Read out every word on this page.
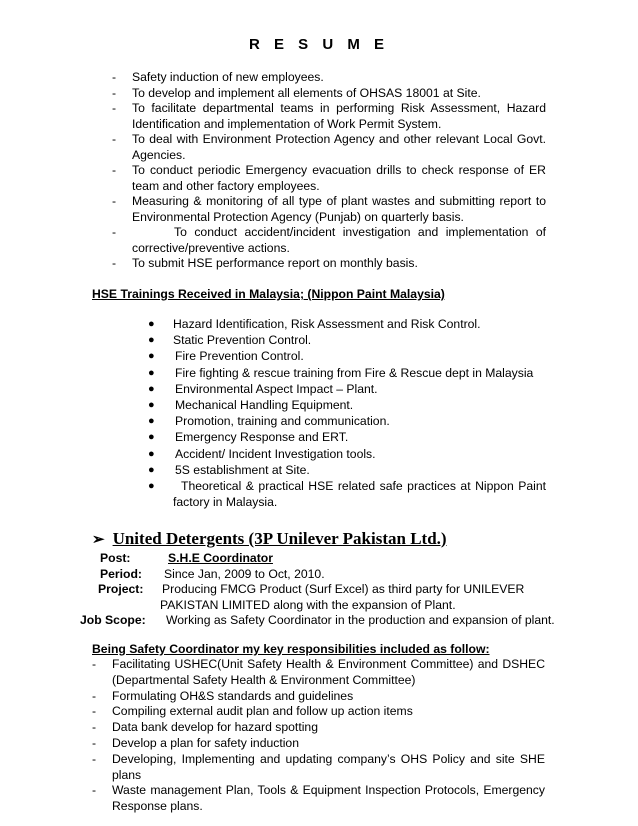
R E S U M E
- Safety induction of new employees.
- To develop and implement all elements of OHSAS 18001 at Site.
- To facilitate departmental teams in performing Risk Assessment, Hazard Identification and implementation of Work Permit System.
- To deal with Environment Protection Agency and other relevant Local Govt. Agencies.
- To conduct periodic Emergency evacuation drills to check response of ER team and other factory employees.
- Measuring & monitoring of all type of plant wastes and submitting report to Environmental Protection Agency (Punjab) on quarterly basis.
-	To conduct accident/incident investigation and implementation of corrective/preventive actions.
- To submit HSE performance report on monthly basis.
HSE Trainings Received in Malaysia; (Nippon Paint Malaysia)
● Hazard Identification, Risk Assessment and Risk Control.
● Static Prevention Control.
● Fire Prevention Control.
● Fire fighting & rescue training from Fire & Rescue dept in Malaysia
● Environmental Aspect Impact – Plant.
● Mechanical Handling Equipment.
● Promotion, training and communication.
● Emergency Response and ERT.
● Accident/ Incident Investigation tools.
● 5S establishment at Site.
● Theoretical & practical HSE related safe practices at Nippon Paint factory in Malaysia.
➢ United Detergents (3P Unilever Pakistan Ltd.)
Post:	S.H.E Coordinator
Period: Since Jan, 2009 to Oct, 2010.
Project: Producing FMCG Product (Surf Excel) as third party for UNILEVER
PAKISTAN LIMITED along with the expansion of Plant.
Job Scope: Working as Safety Coordinator in the production and expansion of plant.
Being Safety Coordinator my key responsibilities included as follow:
- Facilitating USHEC(Unit Safety Health & Environment Committee) and DSHEC (Departmental Safety Health & Environment Committee)
- Formulating OH&S standards and guidelines
- Compiling external audit plan and follow up action items
- Data bank develop for hazard spotting
- Develop a plan for safety induction
- Developing, Implementing and updating company’s OHS Policy and site SHE plans
- Waste management Plan, Tools & Equipment Inspection Protocols, Emergency Response plans.
